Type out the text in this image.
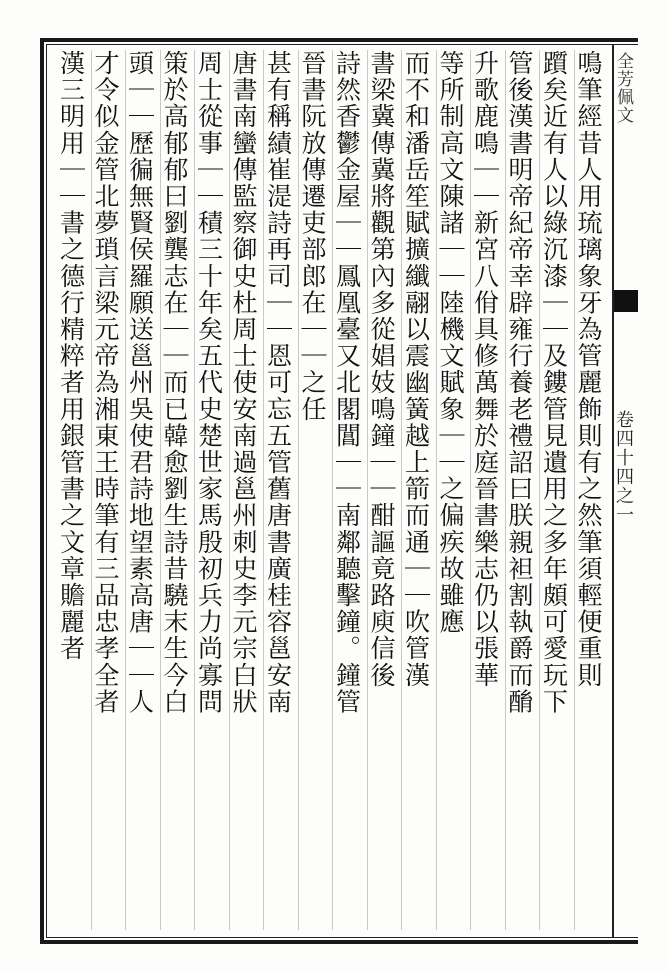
全芳佩文
卷四十四之一
鳴筆經昔人用琉璃象牙為管麗飾則有之然筆須輕便重則
躓矣近有人以綠沉漆｜｜及鏤管見遺用之多年頗可愛玩下
管後漢書明帝紀帝幸辟雍行養老禮詔曰朕親袒割執爵而酳
升歌鹿鳴｜｜新宮八佾具修萬舞於庭晉書樂志仍以張華
等所制高文陳諸｜｜陸機文賦象｜｜之偏疾故雖應
而不和潘岳笙賦擴纖翮以震幽簧越上箭而通｜｜吹管漢
書梁冀傳冀將觀第內多從娼妓鳴鐘｜｜酣謳竟路庾信後
詩然香鬱金屋｜｜鳳凰臺又北閣閶｜｜南鄰聽擊鐘。鐘管
晉書阮放傳遷吏部郎在｜｜之任
甚有稱績崔湜詩再司｜｜恩可忘五管舊唐書廣桂容邕安南
唐書南蠻傳監察御史杜周士使安南過邕州刺史李元宗白狀
周士從事｜｜積三十年矣五代史楚世家馬殷初兵力尚寡問
策於高郁郁曰劉龔志在｜｜而已韓愈劉生詩昔驍末生今白
頭｜｜歷徧無賢侯羅願送邕州吳使君詩地望素高唐｜｜人
才令似金管北夢瑣言梁元帝為湘東王時筆有三品忠孝全者
漢三明用｜｜書之德行精粹者用銀管書之文章贍麗者
